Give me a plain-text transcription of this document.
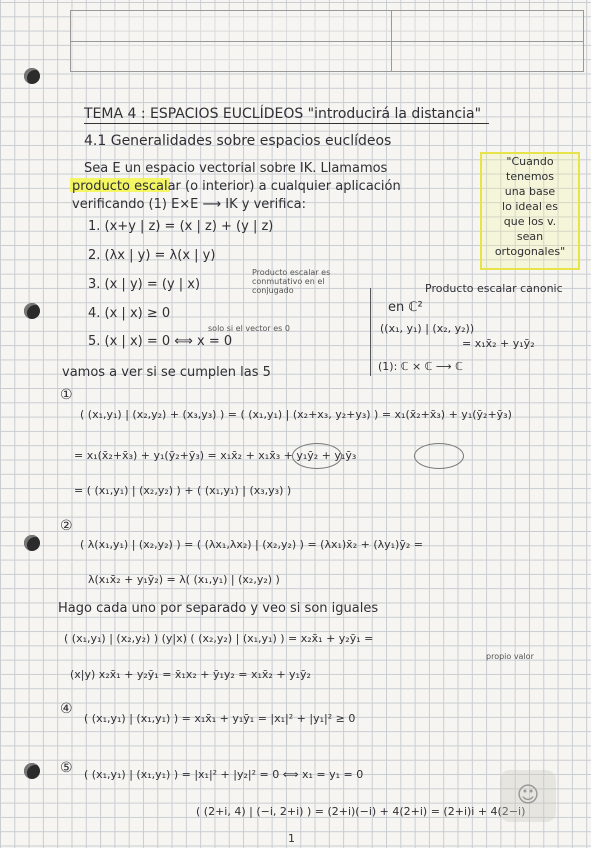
TEMA 4 : ESPACIOS EUCLÍDEOS "introducirá la distancia"
4.1 Generalidades sobre espacios euclídeos
Sea E un espacio vectorial sobre IK. Llamamos
producto escalar (o interior) a cualquier aplicación
verificando (1) E×E ⟶ IK y verifica:
"Cuando
tenemos
una base
lo ideal es
que los v.
sean
ortogonales"
1. (x+y | z) = (x | z) + (y | z)
2. (λx | y) = λ(x | y)
3. (x | y) = (y | x)
4. (x | x) ≥ 0
5. (x | x) = 0 ⟺ x = 0
Producto escalar es
conmutativo en el
conjugado
solo si el vector es 0
Producto escalar canonic
en ℂ²
((x₁, y₁) | (x₂, y₂))
= x₁x̄₂ + y₁ȳ₂
(1): ℂ × ℂ ⟶ ℂ
vamos a ver si se cumplen las 5
①
( (x₁,y₁) | (x₂,y₂) + (x₃,y₃) ) = ( (x₁,y₁) | (x₂+x₃, y₂+y₃) ) = x₁(x̄₂+x̄₃) + y₁(ȳ₂+ȳ₃)
= x₁(x̄₂+x̄₃) + y₁(ȳ₂+ȳ₃) = x₁x̄₂ + x₁x̄₃ + y₁ȳ₂ + y₁ȳ₃
= ( (x₁,y₁) | (x₂,y₂) ) + ( (x₁,y₁) | (x₃,y₃) )
②
( λ(x₁,y₁) | (x₂,y₂) ) = ( (λx₁,λx₂) | (x₂,y₂) ) = (λx₁)x̄₂ + (λy₁)ȳ₂ =
λ(x₁x̄₂ + y₁ȳ₂) = λ( (x₁,y₁) | (x₂,y₂) )
Hago cada uno por separado y veo si son iguales
( (x₁,y₁) | (x₂,y₂) ) (y|x) ( (x₂,y₂) | (x₁,y₁) ) = x₂x̄₁ + y₂ȳ₁ =
(x|y) x₂x̄₁ + y₂ȳ₁ = x̄₁x₂ + ȳ₁y₂ = x₁x̄₂ + y₁ȳ₂
propio valor
④
( (x₁,y₁) | (x₁,y₁) ) = x₁x̄₁ + y₁ȳ₁ = |x₁|² + |y₁|² ≥ 0
⑤ ( (x₁,y₁) | (x₁,y₁) ) = |x₁|² + |y₂|² = 0 ⟺ x₁ = y₁ = 0
( (2+i, 4) | (−i, 2+i) ) = (2+i)(−i) + 4(2+i) = (2+i)i + 4(2−i)
☺
1
